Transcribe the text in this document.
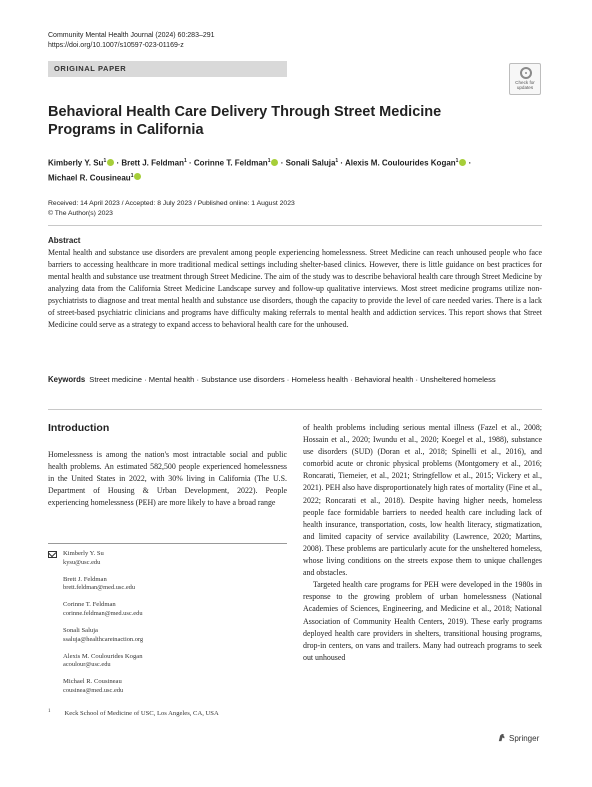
Community Mental Health Journal (2024) 60:283–291
https://doi.org/10.1007/s10597-023-01169-z
ORIGINAL PAPER
Check for
updates
Behavioral Health Care Delivery Through Street Medicine Programs in California
Kimberly Y. $Su^1$ · Brett J. Feldman$^1$ · Corinne T. Feldman$^1$ · Sonali Saluja$^1$ · Alexis M. Coulourides Kogan$^1$ ·
Michael R. Cousineau$^1$
Received: 14 April 2023 / Accepted: 8 July 2023 / Published online: 1 August 2023
© The Author(s) 2023
Abstract

Mental health and substance use disorders are prevalent among people experiencing homelessness. Street Medicine can reach unhoused people who face barriers to accessing healthcare in more traditional medical settings including shelter-based clinics. However, there is little guidance on best practices for mental health and substance use treatment through Street Medicine. The aim of the study was to describe behavioral health care through Street Medicine by analyzing data from the California Street Medicine Landscape survey and follow-up qualitative interviews. Most street medicine programs utilize non-psychiatrists to diagnose and treat mental health and substance use disorders, though the capacity to provide the level of care needed varies. There is a lack of street-based psychiatric clinicians and programs have difficulty making referrals to mental health and addiction services. This report shows that Street Medicine could serve as a strategy to expand access to behavioral health care for the unhoused.

Keywords Street medicine · Mental health · Substance use disorders · Homeless health · Behavioral health · Unsheltered homeless
Introduction

Homelessness is among the nation's most intractable social and public health problems. An estimated 582,500 people experienced homelessness in the United States in 2022, with 30% living in California (The U.S. Department of Housing & Urban Development, 2022). People experiencing homelessness (PEH) are more likely to have a broad range

of health problems including serious mental illness (Fazel et al., 2008; Hossain et al., 2020; Iwundu et al., 2020; Koegel et al., 1988), substance use disorders (SUD) (Doran et al., 2018; Spinelli et al., 2016), and comorbid acute or chronic physical problems (Montgomery et al., 2016; Roncarati, Tiemeier, et al., 2021; Stringfellow et al., 2015; Vickery et al., 2021). PEH also have disproportionately high rates of mortality (Fine et al., 2022; Roncarati et al., 2018). Despite having higher needs, homeless people face formidable barriers to needed health care including lack of health insurance, transportation, costs, low health literacy, stigmatization, and limited capacity of service availability (Lawrence, 2020; Martins, 2008). These problems are particularly acute for the unsheltered homeless, whose living conditions on the streets expose them to unique challenges and obstacles.

Targeted health care programs for PEH were developed in the 1980s in response to the growing problem of urban homelessness (National Academies of Sciences, Engineering, and Medicine et al., 2018; National Association of Community Health Centers, 2019). These early programs deployed health care providers in shelters, transitional housing programs, drop-in centers, on vans and trailers. Many had outreach programs to seek out unhoused

Kimberly Y. Su
kysu@usc.edu
Brett J. Feldman
brett.feldman@med.usc.edu
Corinne T. Feldman
corinne.feldman@med.usc.edu
Sonali Saluja
ssaluja@healthcareinaction.org
Alexis M. Coulourides Kogan
acoulour@usc.edu
Michael R. Cousineau
cousinea@med.usc.edu
$^1$ Keck School of Medicine of USC, Los Angeles, CA, USA
Springer
